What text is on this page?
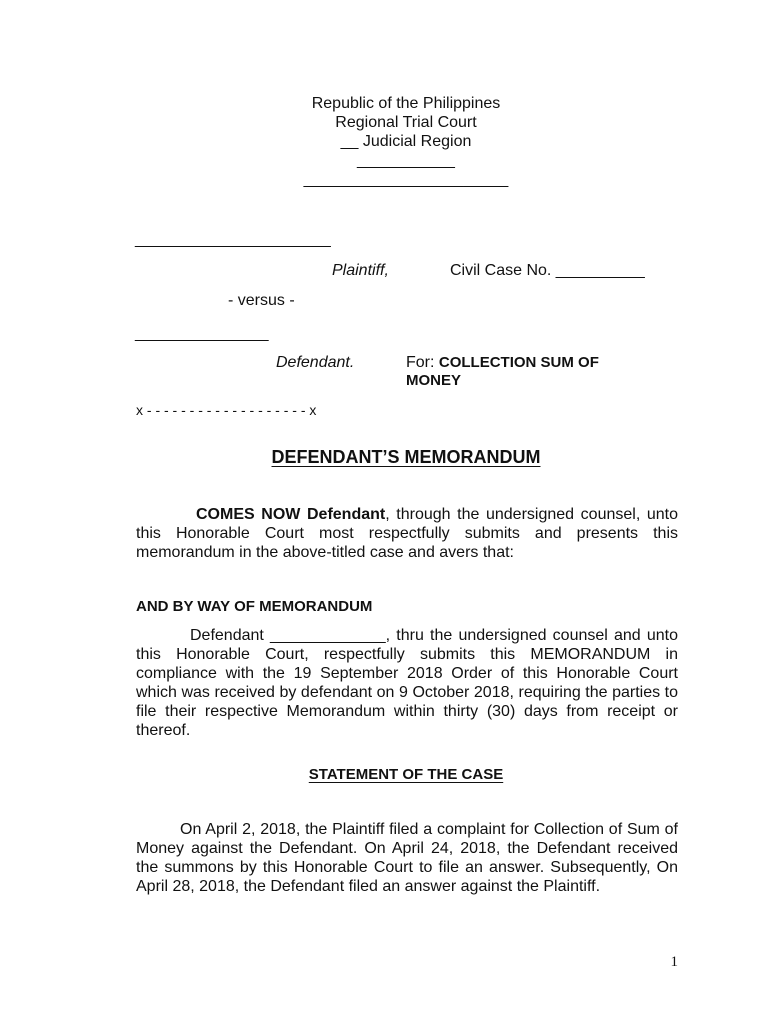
Republic of the Philippines
Regional Trial Court
__ Judicial Region
___________
_______________________
______________________
Plaintiff,	Civil Case No. __________
- versus -
_______________
Defendant.	For: COLLECTION SUM OF
MONEY
x - - - - - - - - - - - - - - - - - - - x
DEFENDANT’S MEMORANDUM
COMES NOW Defendant, through the undersigned counsel, unto this Honorable Court most respectfully submits and presents this memorandum in the above-titled case and avers that:
AND BY WAY OF MEMORANDUM
Defendant _____________, thru the undersigned counsel and unto this Honorable Court, respectfully submits this MEMORANDUM in compliance with the 19 September 2018 Order of this Honorable Court which was received by defendant on 9 October 2018, requiring the parties to file their respective Memorandum within thirty (30) days from receipt or thereof.
STATEMENT OF THE CASE
On April 2, 2018, the Plaintiff filed a complaint for Collection of Sum of Money against the Defendant. On April 24, 2018, the Defendant received the summons by this Honorable Court to file an answer. Subsequently, On April 28, 2018, the Defendant filed an answer against the Plaintiff.
1
